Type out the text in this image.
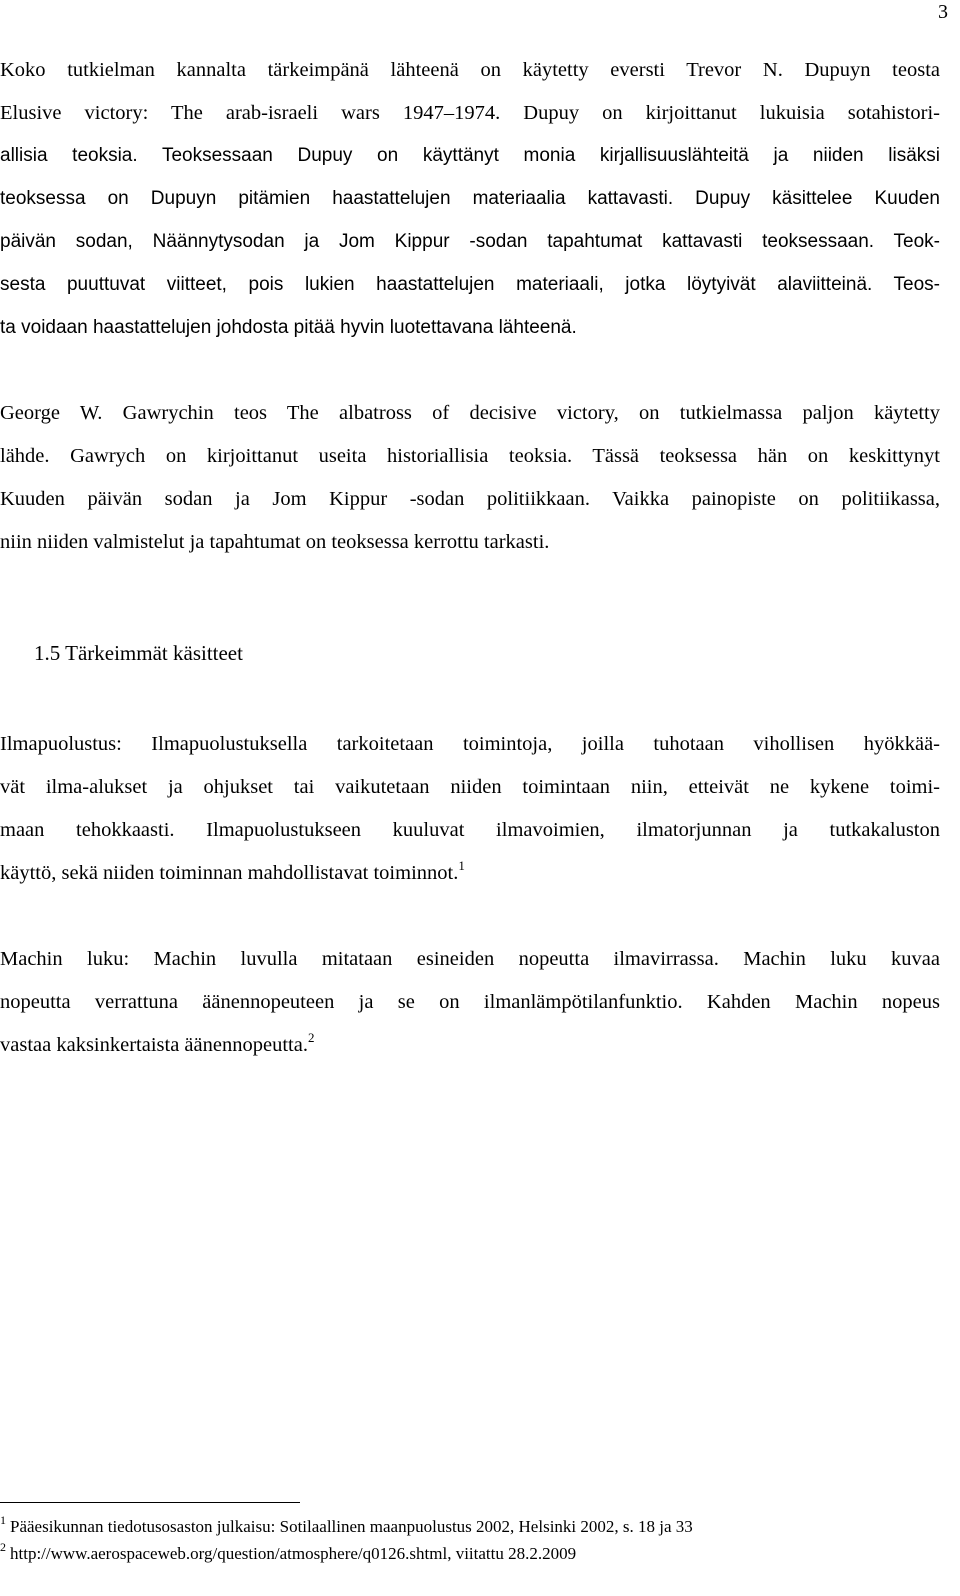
3
Koko tutkielman kannalta tärkeimpänä lähteenä on käytetty eversti Trevor N. Dupuyn teosta
Elusive victory: The arab-israeli wars 1947–1974. Dupuy on kirjoittanut lukuisia sotahistori-
allisia teoksia. Teoksessaan Dupuy on käyttänyt monia kirjallisuuslähteitä ja niiden lisäksi
teoksessa on Dupuyn pitämien haastattelujen materiaalia kattavasti. Dupuy käsittelee Kuuden
päivän sodan, Näännytysodan ja Jom Kippur -sodan tapahtumat kattavasti teoksessaan. Teok-
sesta puuttuvat viitteet, pois lukien haastattelujen materiaali, jotka löytyivät alaviitteinä. Teos-
ta voidaan haastattelujen johdosta pitää hyvin luotettavana lähteenä.
George W. Gawrychin teos The albatross of decisive victory, on tutkielmassa paljon käytetty
lähde. Gawrych on kirjoittanut useita historiallisia teoksia. Tässä teoksessa hän on keskittynyt
Kuuden päivän sodan ja Jom Kippur -sodan politiikkaan. Vaikka painopiste on politiikassa,
niin niiden valmistelut ja tapahtumat on teoksessa kerrottu tarkasti.
1.5 Tärkeimmät käsitteet
Ilmapuolustus: Ilmapuolustuksella tarkoitetaan toimintoja, joilla tuhotaan vihollisen hyökkää-
vät ilma-alukset ja ohjukset tai vaikutetaan niiden toimintaan niin, etteivät ne kykene toimi-
maan tehokkaasti. Ilmapuolustukseen kuuluvat ilmavoimien, ilmatorjunnan ja tutkakaluston
käyttö, sekä niiden toiminnan mahdollistavat toiminnot.$^1$
Machin luku: Machin luvulla mitataan esineiden nopeutta ilmavirrassa. Machin luku kuvaa
nopeutta verrattuna äänennopeuteen ja se on ilmanlämpötilanfunktio. Kahden Machin nopeus
vastaa kaksinkertaista äänennopeutta.$^2$
$^1$ Pääesikunnan tiedotusosaston julkaisu: Sotilaallinen maanpuolustus 2002, Helsinki 2002, s. 18 ja 33
$^2$ http://www.aerospaceweb.org/question/atmosphere/q0126.shtml, viitattu 28.2.2009
